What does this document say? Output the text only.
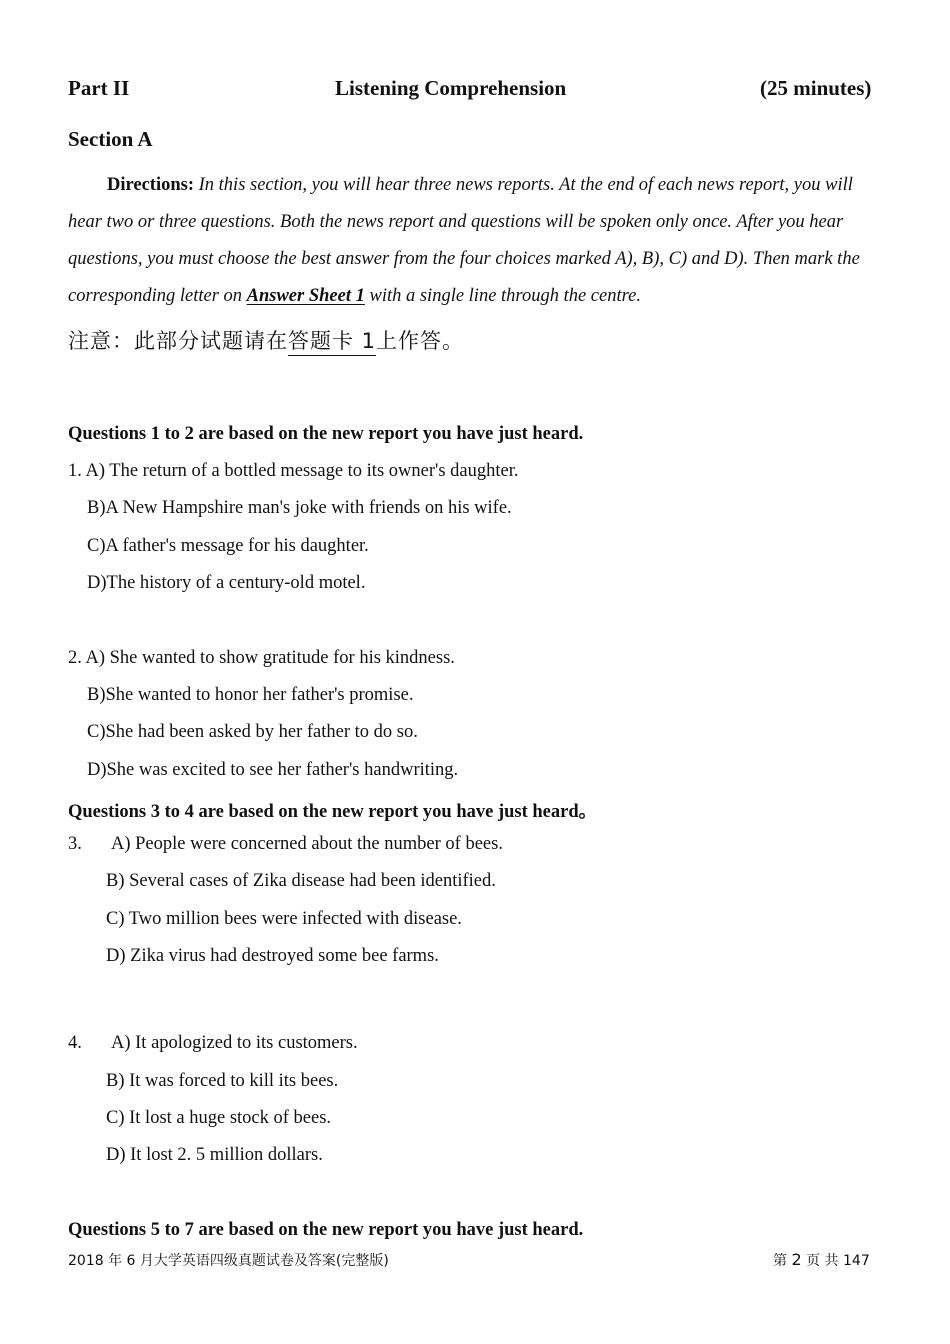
Part II	Listening Comprehension	(25 minutes)
Section A
Directions: In this section, you will hear three news reports. At the end of each news report, you will
hear two or three questions. Both the news report and questions will be spoken only once. After you hear
questions, you must choose the best answer from the four choices marked A), B), C) and D). Then mark the
corresponding letter on Answer Sheet 1 with a single line through the centre.
注意：此部分试题请在答题卡 1上作答。
Questions 1 to 2 are based on the new report you have just heard.
1. A) The return of a bottled message to its owner's daughter.
B)A New Hampshire man's joke with friends on his wife.
C)A father's message for his daughter.
D)The history of a century-old motel.
2. A) She wanted to show gratitude for his kindness.
B)She wanted to honor her father's promise.
C)She had been asked by her father to do so.
D)She was excited to see her father's handwriting.
Questions 3 to 4 are based on the new report you have just heard。
3. A) People were concerned about the number of bees.
B) Several cases of Zika disease had been identified.
C) Two million bees were infected with disease.
D) Zika virus had destroyed some bee farms.
4. A) It apologized to its customers.
B) It was forced to kill its bees.
C) It lost a huge stock of bees.
D) It lost 2. 5 million dollars.
Questions 5 to 7 are based on the new report you have just heard.
2018 年 6 月大学英语四级真题试卷及答案(完整版)	第 2 页 共 147
